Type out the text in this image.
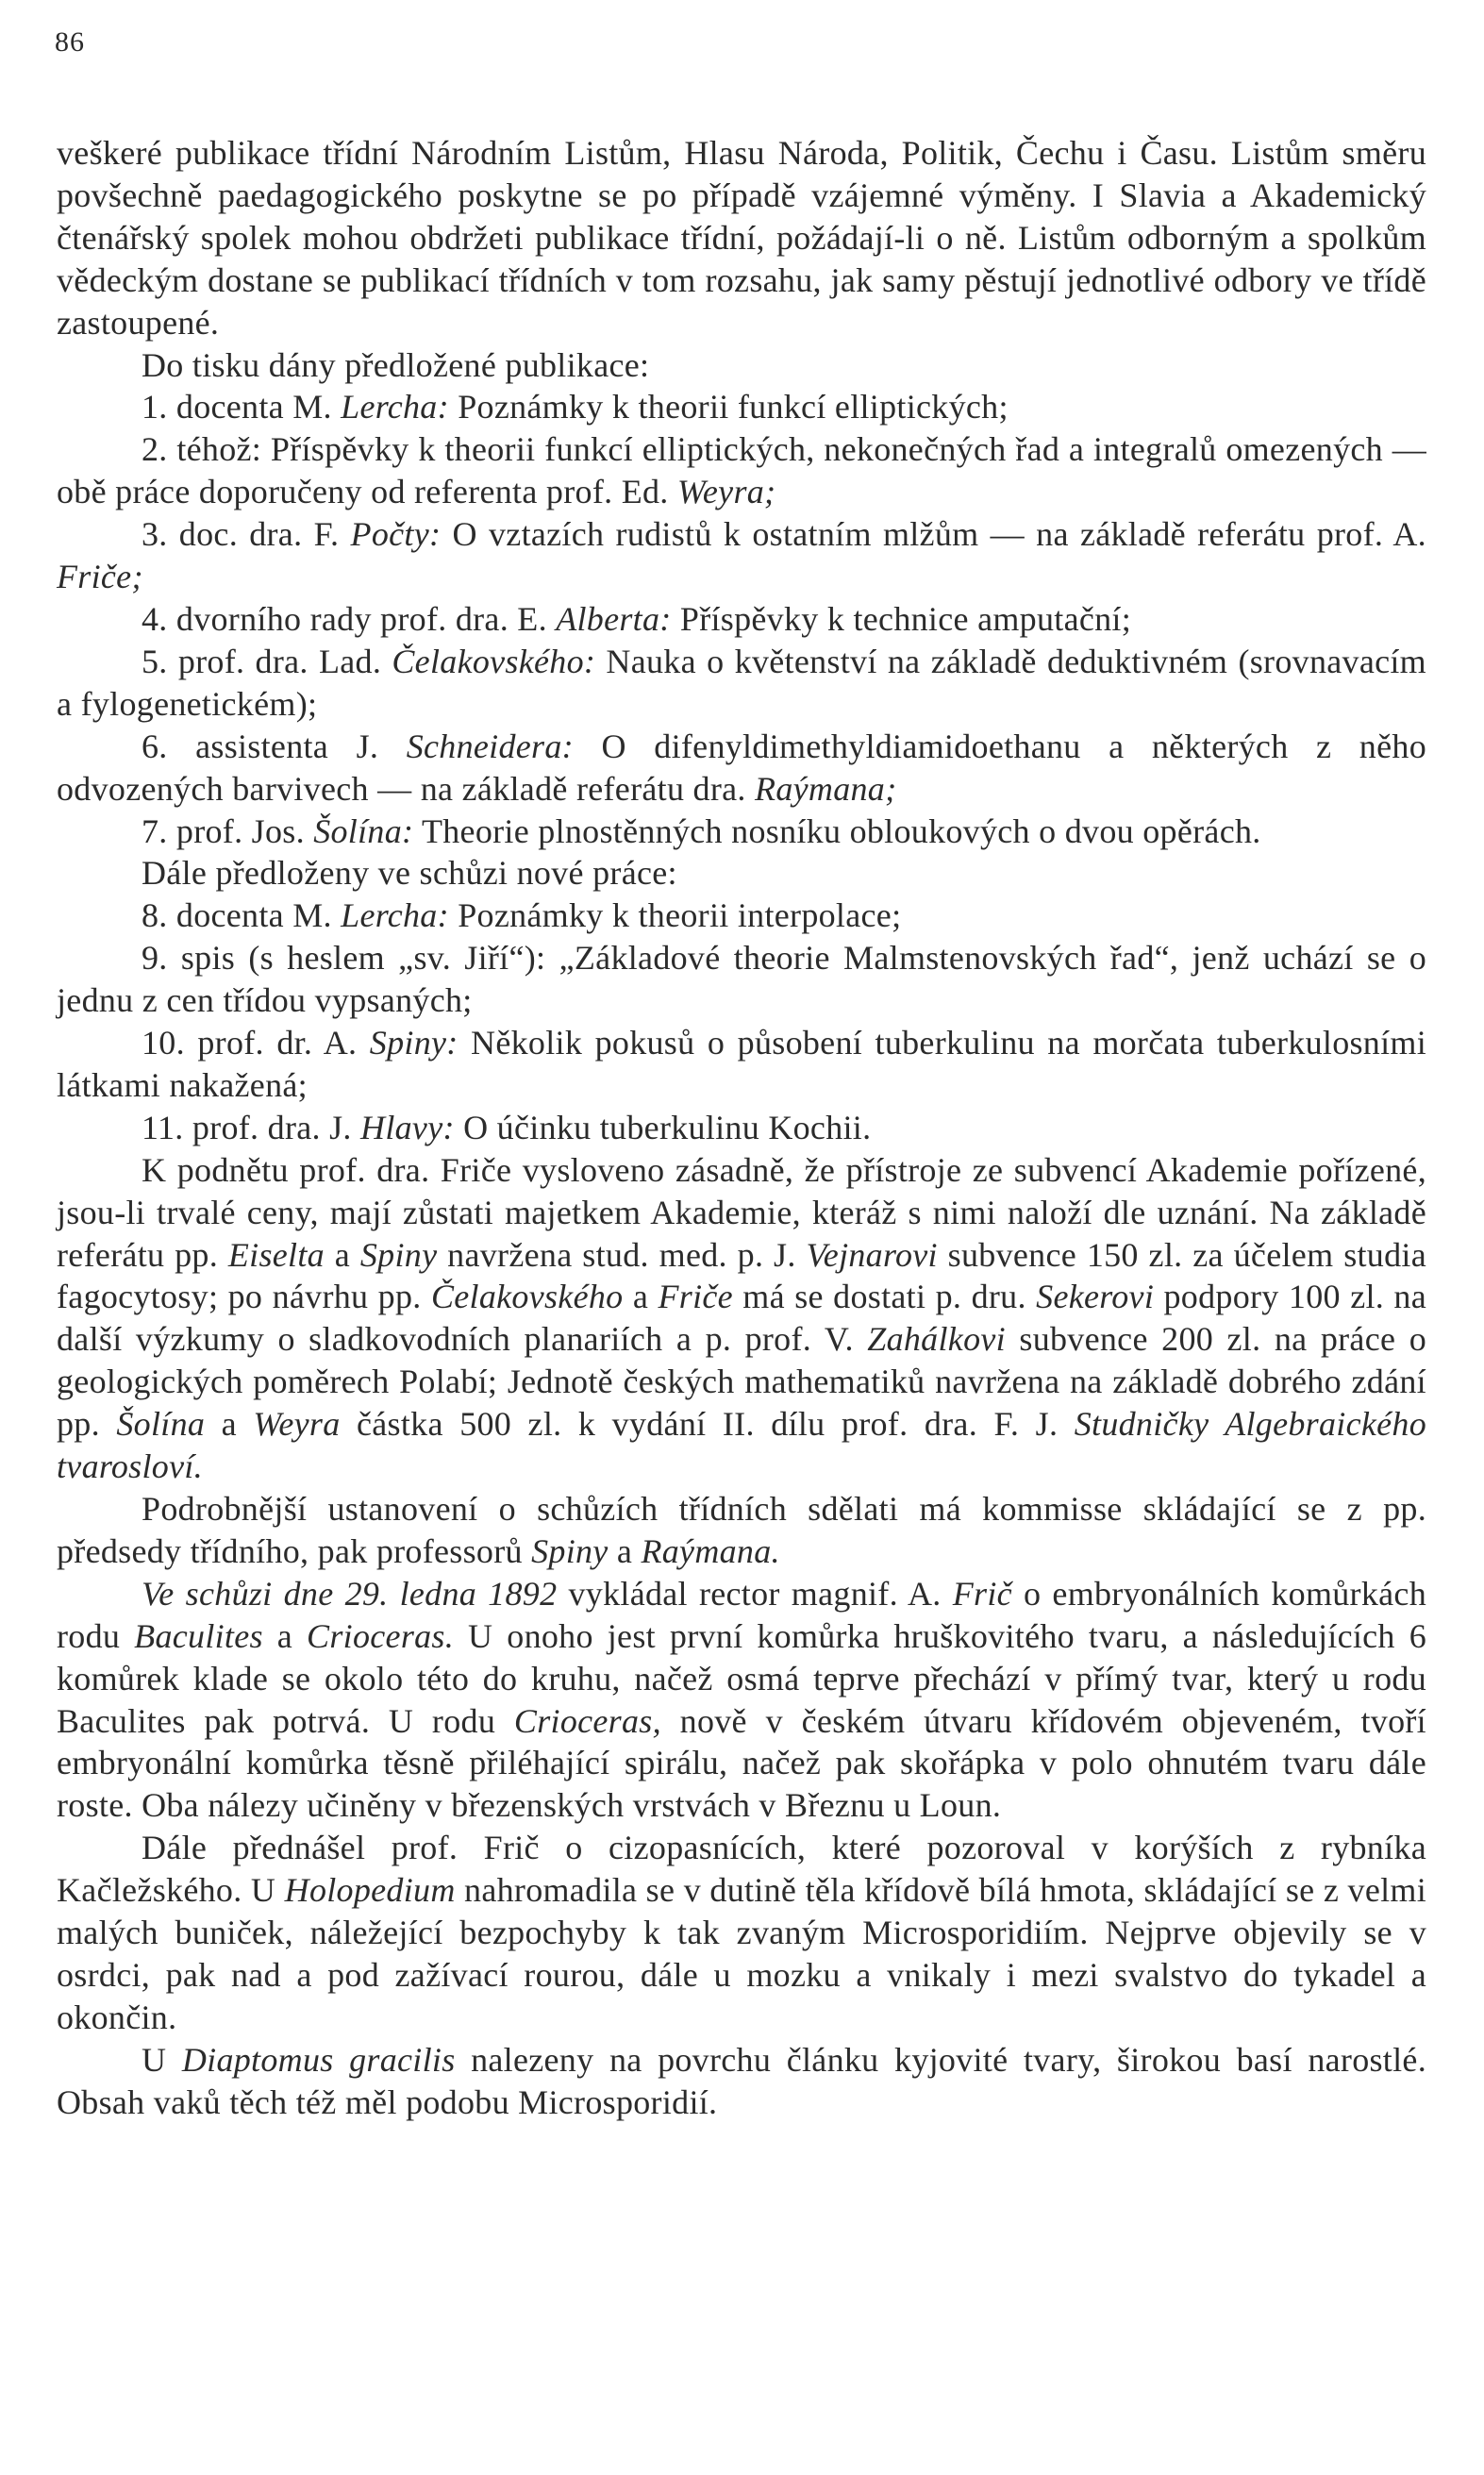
86

veškeré publikace třídní Národním Listům, Hlasu Národa, Politik, Čechu i Času. Listům směru povšechně paedagogického poskytne se po případě vzájemné výměny. I Slavia a Akademický čtenářský spolek mohou obdržeti publikace třídní, požádají-li o ně. Listům odborným a spolkům vědeckým dostane se publikací třídních v tom rozsahu, jak samy pěstují jednotlivé odbory ve třídě zastoupené.

Do tisku dány předložené publikace:

1. docenta M. Lercha: Poznámky k theorii funkcí elliptických;

2. téhož: Příspěvky k theorii funkcí elliptických, nekonečných řad a integralů omezených — obě práce doporučeny od referenta prof. Ed. Weyra;

3. doc. dra. F. Počty: O vztazích rudistů k ostatním mlžům — na základě referátu prof. A. Friče;

4. dvorního rady prof. dra. E. Alberta: Příspěvky k technice amputační;

5. prof. dra. Lad. Čelakovského: Nauka o květenství na základě deduktivném (srovnavacím a fylogenetickém);

6. assistenta J. Schneidera: O difenyldimethyldiamidoethanu a některých z něho odvozených barvivech — na základě referátu dra. Raýmana;

7. prof. Jos. Šolína: Theorie plnostěnných nosníku obloukových o dvou opěrách.

Dále předloženy ve schůzi nové práce:

8. docenta M. Lercha: Poznámky k theorii interpolace;

9. spis (s heslem „sv. Jiří“): „Základové theorie Malmstenovských řad“, jenž uchází se o jednu z cen třídou vypsaných;

10. prof. dr. A. Spiny: Několik pokusů o působení tuberkulinu na morčata tuberkulosními látkami nakažená;

11. prof. dra. J. Hlavy: O účinku tuberkulinu Kochii.

K podnětu prof. dra. Friče vysloveno zásadně, že přístroje ze subvencí Akademie pořízené, jsou-li trvalé ceny, mají zůstati majetkem Akademie, kteráž s nimi naloží dle uznání. Na základě referátu pp. Eiselta a Spiny navržena stud. med. p. J. Vejnarovi subvence 150 zl. za účelem studia fagocytosy; po návrhu pp. Čelakovského a Friče má se dostati p. dru. Sekerovi podpory 100 zl. na další výzkumy o sladkovodních planariích a p. prof. V. Zahálkovi subvence 200 zl. na práce o geologických poměrech Polabí; Jednotě českých mathematiků navržena na základě dobrého zdání pp. Šolína a Weyra částka 500 zl. k vydání II. dílu prof. dra. F. J. Studničky Algebraického tvarosloví.

Podrobnější ustanovení o schůzích třídních sdělati má kommisse skládající se z pp. předsedy třídního, pak professorů Spiny a Raýmana.

Ve schůzi dne 29. ledna 1892 vykládal rector magnif. A. Frič o embryonálních komůrkách rodu Baculites a Crioceras. U onoho jest první komůrka hruškovitého tvaru, a následujících 6 komůrek klade se okolo této do kruhu, načež osmá teprve přechází v přímý tvar, který u rodu Baculites pak potrvá. U rodu Crioceras, nově v českém útvaru křídovém objeveném, tvoří embryonální komůrka těsně přiléhající spirálu, načež pak skořápka v polo ohnutém tvaru dále roste. Oba nálezy učiněny v březenských vrstvách v Březnu u Loun.

Dále přednášel prof. Frič o cizopasnících, které pozoroval v korýších z rybníka Kačležského. U Holopedium nahromadila se v dutině těla křídově bílá hmota, skládající se z velmi malých buniček, náležející bezpochyby k tak zvaným Microsporidiím. Nejprve objevily se v osrdci, pak nad a pod zažívací rourou, dále u mozku a vnikaly i mezi svalstvo do tykadel a okončin.

U Diaptomus gracilis nalezeny na povrchu článku kyjovité tvary, širokou basí narostlé. Obsah vaků těch též měl podobu Microsporidií.
